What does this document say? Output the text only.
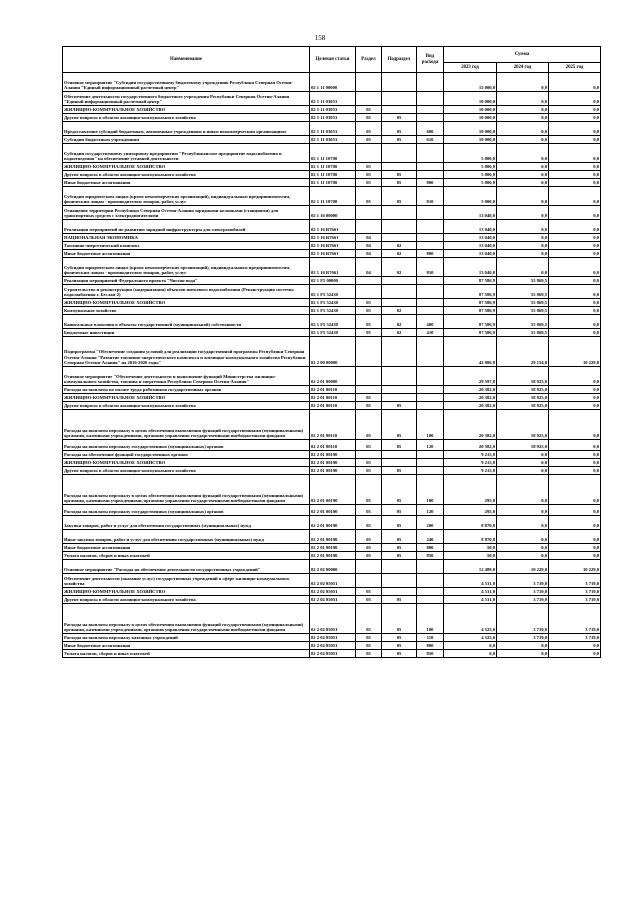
158
Наименование	Целевая статья	Раздел	Подраздел	Вид расхода	Сумма		
					2023 год	2024 год	2025 год
Основное мероприятие "Субсидии государственному бюджетному учреждению Республики Северная Осетия-Алания "Единый информационный расчетный центр"	02 1 11 00000				15 000,0	0,0	0,0
Обеспечение деятельности государственного бюджетного учреждения Республики Северная Осетия-Алания "Единый информационный расчетный центр"	02 1 11 03053				10 000,0	0,0	0,0
ЖИЛИЩНО-КОММУНАЛЬНОЕ ХОЗЯЙСТВО	02 1 11 03053	05			10 000,0	0,0	0,0
Другие вопросы в области жилищно-коммунального хозяйства	02 1 11 03053	05	05		10 000,0	0,0	0,0
Предоставление субсидий бюджетным, автономным учреждениям и иным некоммерческим организациям	02 1 11 03053	05	05	600	10 000,0	0,0	0,0
Субсидии бюджетным учреждениям	02 1 11 03053	05	05	610	10 000,0	0,0	0,0
Субсидии государственному унитарному предприятию "Республиканское предприятие водоснабжения и водоотведения" на обеспечение уставной деятельности	02 1 11 10700				5 000,0	0,0	0,0
ЖИЛИЩНО-КОММУНАЛЬНОЕ ХОЗЯЙСТВО	02 1 11 10700	05			5 000,0	0,0	0,0
Другие вопросы в области жилищно-коммунального хозяйства	02 1 11 10700	05	05		5 000,0	0,0	0,0
Иные бюджетные ассигнования	02 1 11 10700	05	05	800	5 000,0	0,0	0,0
Субсидии юридическим лицам (кроме некоммерческих организаций), индивидуальным предпринимателям, физическим лицам - производителям товаров, работ, услуг	02 1 11 10700	05	05	810	5 000,0	0,0	0,0
Оснащение территории Республики Северная Осетия-Алания зарядными колонками (станциями) для транспортных средств с электродвигателями	02 1 16 00000				13 040,0	0,0	0,0
Реализация мероприятий по развитию зарядной инфраструктуры для электромобилей	02 1 16 R7661				13 040,0	0,0	0,0
НАЦИОНАЛЬНАЯ ЭКОНОМИКА	02 1 16 R7661	04			13 040,0	0,0	0,0
Топливно-энергетический комплекс	02 1 16 R7661	04	02		13 040,0	0,0	0,0
Иные бюджетные ассигнования	02 1 16 R7661	04	02	800	13 040,0	0,0	0,0
Субсидии юридическим лицам (кроме некоммерческих организаций), индивидуальным предпринимателям, физическим лицам - производителям товаров, работ, услуг	02 1 16 R7661	04	02	810	13 040,0	0,0	0,0
Реализация мероприятий Федерального проекта "Чистая вода"	02 1 F5 00000				87 586,9	55 869,5	0,0
Строительство и реконструкция (модернизация) объектов питьевого водоснабжения (Реконструкция системы водоснабжения г. Беслан-2)	02 1 F5 52430				87 586,9	55 869,5	0,0
ЖИЛИЩНО-КОММУНАЛЬНОЕ ХОЗЯЙСТВО	02 1 F5 52430	05			87 586,9	55 869,5	0,0
Коммунальное хозяйство	02 1 F5 52430	05	02		87 586,9	55 869,5	0,0
Капитальные вложения в объекты государственной (муниципальной) собственности	02 1 F5 52430	05	02	400	87 586,9	55 869,5	0,0
Бюджетные инвестиции	02 1 F5 52430	05	02	410	87 586,9	55 869,5	0,0
Подпрограмма "Обеспечение создания условий для реализации государственной программы Республики Северная Осетия-Алания "Развитие топливно-энергетического комплекса и жилищно-коммунального хозяйства Республики Северная Осетия-Алания" на 2016-2020 годы"	02 2 00 00000				42 086,8	29 154,0	10 229,0
Основное мероприятие "Обеспечение деятельности и выполнение функций Министерства жилищно-коммунального хозяйства, топлива и энергетики Республики Северная Осетия-Алания"	02 2 01 00000				29 597,8	18 925,0	0,0
Расходы на выплаты по оплате труда работников государственных органов	02 2 01 00110				20 382,0	18 925,0	0,0
ЖИЛИЩНО-КОММУНАЛЬНОЕ ХОЗЯЙСТВО	02 2 01 00110	05			20 382,0	18 925,0	0,0
Другие вопросы в области жилищно-коммунального хозяйства	02 2 01 00110	05	05		20 382,0	18 925,0	0,0
Расходы на выплаты персоналу в целях обеспечения выполнения функций государственными (муниципальными) органами, казенными учреждениями, органами управления государственными внебюджетными фондами	02 2 01 00110	05	05	100	20 382,0	18 925,0	0,0
Расходы на выплаты персоналу государственных (муниципальных) органов	02 2 01 00110	05	05	120	20 382,0	18 925,0	0,0
Расходы на обеспечение функций государственных органов	02 2 01 00190				9 215,8	0,0	0,0
ЖИЛИЩНО-КОММУНАЛЬНОЕ ХОЗЯЙСТВО	02 2 01 00190	05			9 215,8	0,0	0,0
Другие вопросы в области жилищно-коммунального хозяйства	02 2 01 00190	05	05		9 215,8	0,0	0,0
Расходы на выплаты персоналу в целях обеспечения выполнения функций государственными (муниципальными) органами, казенными учреждениями, органами управления государственными внебюджетными фондами	02 2 01 00190	05	05	100	295,0	0,0	0,0
Расходы на выплаты персоналу государственных (муниципальных) органов	02 2 01 00190	05	05	120	295,0	0,0	0,0
Закупка товаров, работ и услуг для обеспечения государственных (муниципальных) нужд	02 2 01 00190	05	05	200	8 870,8	0,0	0,0
Иные закупки товаров, работ и услуг для обеспечения государственных (муниципальных) нужд	02 2 01 00190	05	05	240	8 870,8	0,0	0,0
Иные бюджетные ассигнования	02 2 01 00190	05	05	800	50,0	0,0	0,0
Уплата налогов, сборов и иных платежей	02 2 01 00190	05	05	850	50,0	0,0	0,0
Основное мероприятие "Расходы на обеспечение деятельности государственных учреждений"	02 2 02 00000				12 489,0	10 229,0	10 229,0
Обеспечение деятельности (оказание услуг) государственных учреждений в сфере жилищно-коммунального хозяйства	02 2 02 05051				4 531,0	3 719,0	3 719,0
ЖИЛИЩНО-КОММУНАЛЬНОЕ ХОЗЯЙСТВО	02 2 02 05051	05			4 531,0	3 719,0	3 719,0
Другие вопросы в области жилищно-коммунального хозяйства	02 2 02 05051	05	05		4 531,0	3 719,0	3 719,0
Расходы на выплаты персоналу в целях обеспечения выполнения функций государственными (муниципальными) органами, казенными учреждениями, органами управления государственными внебюджетными фондами	02 2 02 05051	05	05	100	4 525,0	3 719,0	3 719,0
Расходы на выплаты персоналу казенных учреждений	02 2 02 05051	05	05	110	4 525,0	3 719,0	3 719,0
Иные бюджетные ассигнования	02 2 02 05051	05	05	800	6,0	0,0	0,0
Уплата налогов, сборов и иных платежей	02 2 02 05051	05	05	850	6,0	0,0	0,0
